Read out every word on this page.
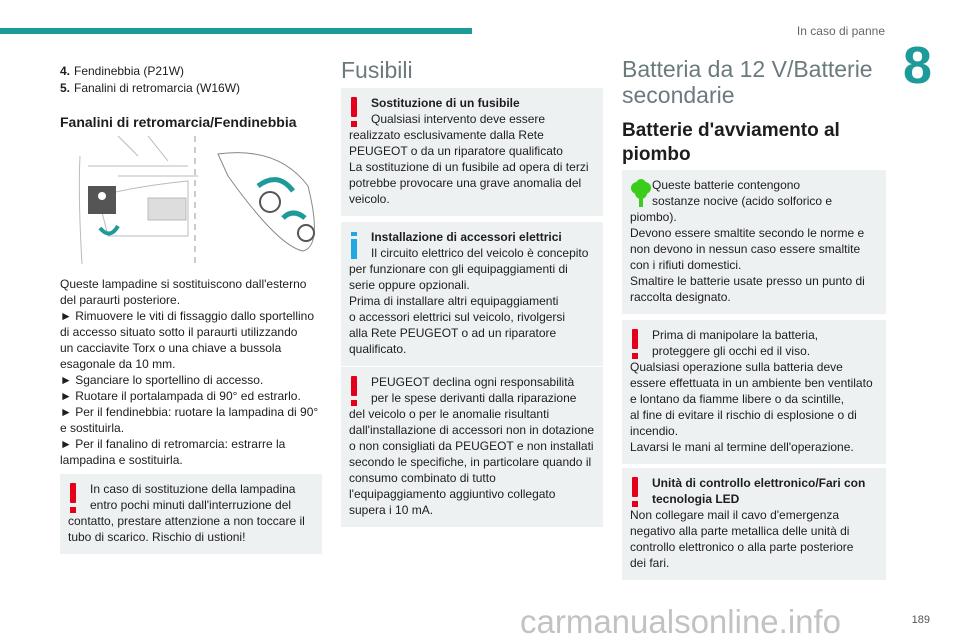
In caso di panne
8
4. Fendinebbia (P21W)
5. Fanalini di retromarcia (W16W)
Fanalini di retromarcia/Fendinebbia
Queste lampadine si sostituiscono dall'esterno
del paraurti posteriore.
► Rimuovere le viti di fissaggio dallo sportellino
di accesso situato sotto il paraurti utilizzando
un cacciavite Torx o una chiave a bussola
esagonale da 10 mm.
► Sganciare lo sportellino di accesso.
► Ruotare il portalampada di 90° ed estrarlo.
► Per il fendinebbia: ruotare la lampadina di 90°
e sostituirla.
► Per il fanalino di retromarcia: estrarre la
lampadina e sostituirla.
In caso di sostituzione della lampadina
entro pochi minuti dall'interruzione del
contatto, prestare attenzione a non toccare il
tubo di scarico. Rischio di ustioni!
Fusibili
Sostituzione di un fusibile
Qualsiasi intervento deve essere
realizzato esclusivamente dalla Rete
PEUGEOT o da un riparatore qualificato
La sostituzione di un fusibile ad opera di terzi
potrebbe provocare una grave anomalia del
veicolo.
Installazione di accessori elettrici
Il circuito elettrico del veicolo è concepito
per funzionare con gli equipaggiamenti di
serie oppure opzionali.
Prima di installare altri equipaggiamenti
o accessori elettrici sul veicolo, rivolgersi
alla Rete PEUGEOT o ad un riparatore
qualificato.
PEUGEOT declina ogni responsabilità
per le spese derivanti dalla riparazione
del veicolo o per le anomalie risultanti
dall'installazione di accessori non in dotazione
o non consigliati da PEUGEOT e non installati
secondo le specifiche, in particolare quando il
consumo combinato di tutto
l'equipaggiamento aggiuntivo collegato
supera i 10 mA.
Batteria da 12 V/Batterie
secondarie
Batterie d'avviamento al
piombo
Queste batterie contengono
sostanze nocive (acido solforico e
piombo).
Devono essere smaltite secondo le norme e
non devono in nessun caso essere smaltite
con i rifiuti domestici.
Smaltire le batterie usate presso un punto di
raccolta designato.
Prima di manipolare la batteria,
proteggere gli occhi ed il viso.
Qualsiasi operazione sulla batteria deve
essere effettuata in un ambiente ben ventilato
e lontano da fiamme libere o da scintille,
al fine di evitare il rischio di esplosione o di
incendio.
Lavarsi le mani al termine dell'operazione.
Unità di controllo elettronico/Fari con
tecnologia LED
Non collegare mail il cavo d'emergenza
negativo alla parte metallica delle unità di
controllo elettronico o alla parte posteriore
dei fari.
carmanualsonline.info	189
